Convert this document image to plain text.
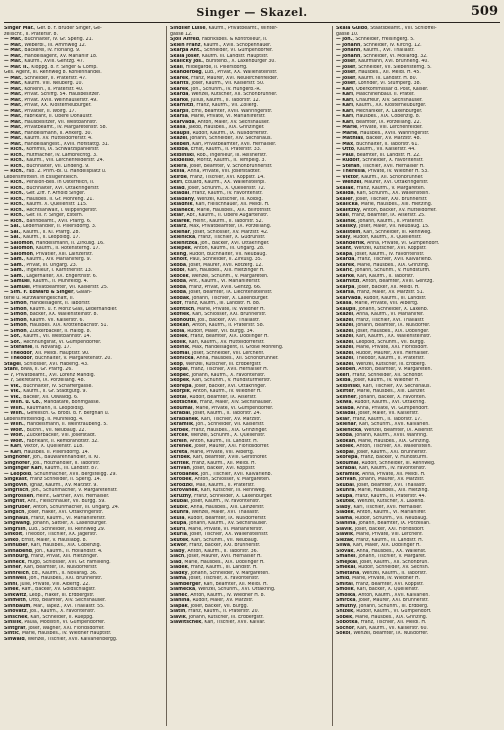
Singer — Skazel.	509
Singer Mar., Gef. b. F. Brüder Singer, Ge-
zellschf., II. Pratersir. 8.
— Mar., Buchhalter, IV. Gr. Sperlg. 21.
— Mar., Weberbl., III. Arnmweg 12.
— Mar., Bäckerei, IV. Floriang. 9.
— Mar., Handelsagent, XV. Mariahilf 18.
— Mar., Kaufm., XVIII. Gentzg. 47.
— Mar. II., Kloppg. 8. F. Singer & Comp.
Ges. Agent, III. Rennweg 8. Kohlenhandel.
— Mar., Schneider, II. Praterstr. 47.
— Mar., Kaufm. VIII. Neuberg. 10.
— Mar., Kohlenh., II. Praterstr. 40.
— Mar., Privat. Schiffg. 54. Hausbesitzer.
— Mar., Privat. XVIII. Weinhauserstr. 49.
— Mar., Privat, XX. Klosterneuburger.
— Mar., Privatier, II. Wolfg. 17.
— Mar., Fabrikant, II. Obere Donaustr.
— Mar., Hausbesitzer, VII. Westbahnstr.
— Mar., Privatbeamt., IV. Margaretenstr. 58.
— Mar., Handelsmann, II. Ankerg. 30.
— Mar., Kaufm. XV. Hütteldorferstr. 4.
— Mar., Handelsangest., XVIII. Hofstattg. 31.
— Rich., Kommis, IX. Schwarzspanierstr.
— Rich., Hutmacher, IV. Lambrechtg. 3.
— Rich., Kaufm., VIII. Lerchenfelderstr. 24.
— Rich., Buchhalter, VII. Lindeng. 9.
— Rich., Fab. 2. Prim.-Bl. u. Handelsplatz u.
Lebensmittelh. in Essigentleich.
— Rich., Pension-Bes. in Osterreich, II.
— Rich., Buchhalter, XVI. Ottakringerstr.
— Rich., Gef. Ziff. F. Arnold Singer.
— Rich., Hausbes. II. Gr. Mohreng. 21.
— Rich., Kaufm. X. Quellenstr. 115.
— Rich., Rechtsanwalt, I. Wipplingerstr.
— Rich., Gef. III. F. Singer, Esterh.
— Rich., Bahnbeamt., XVII. Pfarrg. 6.
— Sal., Lederhändler, II. Pillersdorfg. 3.
— Sal., Kaufm., II. Kl. Pfarrg. 28.
— Sal., Kaufm., II. Leopoldg. 17.
— Salomon, Handelsmann, II. Zirkusg. 16.
— Salomon, Kaufm., II. Rotensterng. 17.
— Salomon, Privatier, XIII. Lainzerstr.
— Sam., Kaufm., XIV. Mariahilferg. 9.
— Sam., Privat, III. Ungarg. 23.
— Sam., Ingenieur, I. Kärntnerstr. 13.
— Sam., Lagerhalter, XX. Engerthstr. 6.
— Samuel, Kaufm., II. Mühlfeldg. 4.
— Samuel, Privatbeamter, VII. Kaiserstr. 25.
— Sim. F. Edward & Singer, Galan-
terie u. Rurzwarengeschäft, II.
— Simon, Handelsagent, II. Taborstr.
— Simon, Kaufm. u. F. Moriz Glas, Lederhändler.
— Simon, Bäcker, XX. Wallensteinstr. 8.
— Simon, Kaufm. VII. Kaiserstr. 6.
— Simon, Hausbes. XIX. Krottenbachstr. 51.
— Simon, Zuckerbäcker, II. Haidg. 8.
— Sof., Kaufm., VII. Westbahnstr. 14.
— Sof., Rechnungsrat, VI. Gumpendorfer.
— Stefanie, II. Novarag. 17.
— Theodor, XII. Meidl. Hauptstr. 90.
— Theodor, Buchhalter, V. Margaretenstr. 20.
Stagel, Schlosser, XVI. Haberlg. 43.
Stahl, Biwa, II. Gr. Pfarrg. 26.
— ?, Privatbeamt., XVI. Lorenz Mandlg.
— ?, Sekretärin, IX. Porzellang. 48.
— Vik., Buchhalter, IV. Schäffergasse.
— Vik., Kaufm., II. Gr. Stadtgutg. 9.
— Vik., Bäcker, XII. Oswaldg. 6.
— Wilh. u. Co., Mandatare, Böhmgasse.
— Wilh., Kaufmann, II. Leopoldsg.
— Wilh., Gefellsch. G. Brodl. d. F. Berghan u.
Lebensmittelhdlg. II. Mühlfeldg. 4.
— Wilh., Handelsmann, II. Weintraubeng. 5.
— Wolf., Buchh., VII. Neubaug. 22.
— Wolf., Zuckerbäcker, VIII. Josefstadt.
— Wolf., Fabrikant, II. Rembrandtstr. 32.
— Karl, Viktor, X. Quellenstr. 118.
— Karl, Hausbes. II. Pillersdorfg. 14.
Singhofer, Joh., Bauwarenhändler, II. Kl.
Singhofer, Jos., Holzhändler, II. Taborstr.
Singinger Karl, Kaufm., III. Landstr. 87.
— Leopold, Schuhmacher, XVII. Bergsteigg. 29.
Singkast, Franz Schneider, II. Sperlg. 14.
Singovin, Ignaz, Kaufm., XV. Märzstr. 9.
Singrisch, Joh., Schuhmacher, V. Margaretenstr.
Singrossen, Heinr., Gärtner, XVII. Hernalser.
Singrist, Ant., Fleischhauer, VII. Burgg. 59.
Singruber, Anton, Schuhmacher, III. Ungarg. 24.
Singsch, Josef, Fiaker, XVI. Ottakringerstr.
Singhaus, Franz, Kaufm., VI. Mariahilferstr.
Singwang, Johann, Sattler, X. Laxenburger.
Singrsin, Lud., Schneider, III. Rennweg 29.
Sinkolt, Theodor, Tischler, XX. Jägerstr.
Sinko, Ernst, Maler, V. Hauslabg. 8.
Sinhuber, Karl, Hausbes., XIX. Cobenzlg.
Sinnabend, Joh., Kaufm., II. Hollandstr. 4.
Sinnburg, Franz, Privat, XIII. Hietzinger.
Sinneck, Hugo, Schlosser, XVI. Gr. Familieng.
Sinner, Karl, Beamter, IX. Nußdorferstr.
Sinnreich, Ed., Kaufm., II. Novarag. 36.
Sinnwell, Joh., Hausbes., XXI. Brünnerstr.
Sinnl, Julie, Private, VIII. Albertg. 22.
Sinek, Raff., Bäcker, XV. Goldschlagstr.
Sinkwitz, Leop., Fiaker, III. Erdbergstr.
Sinmeth, Otto, Beamter, XIV. Sechshauser.
Sinnbaum, Mar., Tapez., XVI. Thaliastr. 55.
Sinovatz, Jos., Kaufm., X. Favoritenstr.
Sinschek, Karl, Schneider, II. Rueppg.
Sinslik, Paula, Modistin, VI. Gumpendorfer.
Sintgraf, Josef, Wagner, XXI. Floridsdorfer.
Sintic, Marie, Hausbes., IV. Wiedner Hauptstr.
Sinwald, Wenzel, Tischler, XVII. Kalvarienbergg.
Sindlief Luise, Kaufm., Privatbeamt., Winter-
gasse 12.
Sjoll Alfred, Fabriksbes. & Kontrolleur, II.
Sklen Franz, Kaufm., XVIII. Schopenhauer.
Skarpa Ant., Schneider, VI. Gumpendorfer.
Skala Josef, Kaufm. III. Landstr. Hauptstr.
Skalicky Jos., Bürstenb., X. Laxenburger 30.
Skall, Hildegarde, II. Pillersdorfg.
Skanderbeg, Lud., Privat, XX. Wallensteinstr.
Skarek, Franz, Maurer, XVI. Neulerchenfelder.
Skarits, Josef, Kaufm., VII. Kaiserstr. 50.
Skarek, Joh., Schuhm., IV. Hungerb.-R.
Skarda, Wenzel, Kutscher, XII. Schönbrunner.
Skarke, Julius, Kaufm., II. Taborstr. 12.
Skarnitzl, Franz, Kaufm., VII. Zollerg.
Skarpil, Emil, Beamter, XVIII. Währingerstr.
Skarsa, Marie, Private, VI. Mariahilferstr.
Skarvada, Anton, Maler, XV. Sechshauser.
Skasa, Jakob, Hausbes., XIX. Grinzinger.
Skaupil, Rudolf, Kaufm., IX. Nußdorferstr.
Skazel, Johann, Schneider, XIV. Sechshaus.
Skeben, Karl, Privatbeamter, XVII. Hernalser.
Skibba, Ernst, Kaufm., II. Praterstr. 33.
Skibinski, Rob., Ingenieur, III. Reisnerstr.
Skidelski, Moritz, Kaufm., II. Tempelg. 3.
Skiera, Josef, Beamter, V. Schönbrunnerstr.
Skilla, Anna, Private, VIII. Josefstädter.
Skirde, Franz, Tischler, XVI. Koppstr. 14.
Skirl, Eduard, Kaufm., XX. Wallensteinpl.
Sklad, Josef, Schuhm., X. Quellenstr. 72.
Skladal, Franz, Kaufm., IV. Favoritenstr.
Skladany, Wenzel, Kutscher, III. Kölblg.
Skladnik, Karl, Fleischhauer, XII. Meidl. H.
Sklaneck, Marie, Hausbes., XIX. Billrothstr.
Sklar, Abr., Kaufm., II. Obere Augartenstr.
Sklarek, Heinr., Kaufm., II. Taborstr. 52.
Sklarz, Max, Privatbeamter, IX. Porzellang.
Sklenar, Josef, Schlosser, XV. Märzstr. 42.
Sklenicka, Franz, Tischler, X. Gudrunstr.
Sklenitzka, Joh., Bäcker, XVI. Ottakringer.
Sklepek, Anton, Kaufm., III. Ungarg. 28.
Skling, Rudolf, Buchhalter, VII. Neubaug.
Sknolt, Paul, Schneider, II. Zirkusg. 35.
Skoba, Josef, Maurer, XVII. Rötzerg. 12.
Skobl, Karl, Hausbes., XIII. Hietzinger H.
Skocek, Wenzel, Schuhm., V. Margareten.
Skoda, Ant., Kaufm., VI. Mariahilferstr.
Skoda, Franz, Privat, XVIII. Gentzg. 66.
Skoda, Josef, Beamter, IX. Liechtensteinstr.
Skodak, Johann, Tischler, X. Laxenburger.
Skof, Franz, Kaufm., III. Landstr. H. 88.
Skofitsch, Marie, Private, IV. Wiedner H.
Skoflek, Karl, Schlosser, XXI. Brünnerstr.
Skohoutil, Jos., Bäcker, XVI. Thaliastr.
Skokan, Anton, Kaufm., II. Praterstr. 58.
Skola, Rudolf, Maler, VII. Burgg. 34.
Skolek, Franz, Beamter, XIX. Döblinger H.
Skolik, Karl, Kaufm., XV. Hütteldorferstr.
Skolnik, Max, Handelsagent, II. Große Mohreng.
Skomal, Josef, Schneider, VIII. Lerchenf.
Skonicka, Anna, Hausbes., XII. Schönbrunner.
Skop, Wenzel, Kutscher, III. Erdbergstr.
Skopal, Franz, Tischler, XVII. Hernalser H.
Skopec, Johann, Kaufm., X. Favoritenstr.
Skopek, Karl, Schuhm., V. Hundsturmerstr.
Skorepa, Josef, Bäcker, XVI. Ottakringer.
Skorpik, Anton, Kaufm., IV. Wiedner H.
Skotal, Rudolf, Beamter, IX. Alserstr.
Skotschke, Franz, Maler, XIV. Sechshauser.
Skoumal, Marie, Private, VI. Gumpendorfer.
Skrabal, Josef, Kaufm., II. Taborstr. 24.
Skrabanek, Karl, Tischler, XV. Märzstr.
Skramlik, Joh., Schneider, VII. Kaiserstr.
Skrbek, Franz, Hausbes., XIX. Grinzinger.
Skrcek, Wenzel, Schuhm., X. Quellenstr.
Skrein, Anton, Kaufm., III. Landstr. H.
Skrenek, Josef, Maurer, XXI. Floridsdorfer.
Skreta, Marie, Private, VIII. Albertg.
Skribek, Karl, Beamter, XVIII. Gersthofer.
Skritek, Franz, Kaufm., XII. Meidl. H.
Skrivan, Josef, Bäcker, XVI. Koppstr.
Skrobanek, Joh., Tischler, XVII. Kalvarienb.
Skrobek, Anton, Schlosser, V. Margareten.
Skrodzki, Max, Kaufm., II. Praterstr.
Skrovanek, Karl, Kutscher, III. Rennweg.
Skruzny, Franz, Schneider, X. Laxenburger.
Skubal, Josef, Kaufm., IV. Favoritenstr.
Skubic, Anna, Hausbes., XIII. Lainzerstr.
Skuhra, Wenzel, Maler, XVI. Thaliastr.
Skula, Rudolf, Beamter, IX. Nußdorferstr.
Skupa, Johann, Kaufm., XV. Sechshauser.
Skuril, Marie, Private, VI. Mariahilferstr.
Skurla, Josef, Tischler, XX. Wallensteinstr.
Skutek, Karl, Schuhm., VII. Neubaug.
Skwor, Franz, Bäcker, XXI. Brünnerstr.
Slaby, Anton, Kaufm., II. Taborstr. 36.
Slach, Josef, Maurer, XVII. Hernalser H.
Slad, Marie, Hausbes., XIX. Döblinger H.
Sladek, Franz, Kaufm., III. Landstr. H.
Sladky, Johann, Schneider, V. Margareten.
Slama, Josef, Tischler, X. Favoritenstr.
Slamberger, Karl, Beamter, XII. Meidl. H.
Slamecka, Wenzel, Schuhm., XVI. Ottakring.
Slanec, Anton, Kaufm., IV. Wiedner H. 8.
Slanina, Rudolf, Maler, XV. Märzstr.
Slapak, Josef, Bäcker, VII. Burgg.
Slatin, Franz, Kaufm., II. Praterstr. 20.
Slavik, Johann, Kutscher, III. Erdbergstr.
Slawitschek, Karl, Tischler, XVII. Kalvar.
Skala Guido, Staatsbeamt., VIII. Schlöffel-
gasse 10.
— Joh., Schneider, Freisingerg. 5.
— Johann, Schneider, IV. Kirchg. 12.
— Johann, Kaufm., XVI. Thaliastr.
— Johann, Schneider, VI. Mollardg. 32.
— Josef, Kaufmann, XVI. Brunneng. 40.
— Josef, Schneider, VII. Siebensterng. 5.
— Josef, Hausbes., XII. Meidl. H. 45.
— Josef, Kaufm. III. Landstr. H. 80.
— Josef, Lohnder, VI. Stumperg. 38.
— Karl, Oberkommissär d. Post, Kaiser.
— Karl, Maschinenbaul. II. Prater.
— Karl, Chauffeur, XIV. Sechshauser.
— Karl, Kaufm., XX. Klosterneuburger.
— Karl, Mechaniker, X. Laxenburger.
— Karl, Hausbes., XIX. Cobenzlg. 8.
— Karl, Beamter, IX. Porzellang. 22.
— Marie, Private, VIII. Lerchenfelder.
— Marie, Hausbes., XVIII. Währingerstr.
— Mathias, Bäcker, XV. Märzstr. 48.
— Max, Buchhalter, II. Taborstr. 61.
— Otto, Kaufm., VII. Kaiserstr. 44.
— Paul, Beamter, III. Landstr. H. 22.
— Rudolf, Schneider, X. Favoritenstr.
— Stefan, Tischler, XVII. Hernalser H.
— Theresia, Private, IV. Wiedner H. 53.
— Viktor, Kaufm., XII. Schönbrunner.
— Wenzel, Maurer, XVI. Ottakringerstr.
Skalak, Franz, Kaufm., V. Margareten.
Skalda, Karl, Schuhm., XX. Wallenstein.
Skaler, Josef, Tischler, XXI. Brünnerstr.
Skalicka, Marie, Hausbes., XIII. Hietzing.
Skalitzky, Anton, Bäcker, XV. Hütteldorfer.
Skall, Franz, Beamter, IX. Alserstr. 25.
Skalnik, Johann, Kaufm., II. Praterstr.
Skalsky, Josef, Maler, VII. Neubaug. 15.
Skalstein, Karl, Schneider, III. Rennweg.
Skaly, Rudolf, Kaufm., X. Quellenstr.
Skanderlik, Anna, Private, VI. Gumpendorf.
Skant, Wenzel, Kutscher, XVI. Koppstr.
Skapa, Josef, Kaufm., IV. Favoritenstr.
Skarda, Franz, Tischler, XVII. Kalvarienb.
Skarek, Marie, Hausbes., XIX. Grinzing.
Skaric, Johann, Schuhm., V. Hundsturm.
Skarke, Karl, Kaufm., II. Taborstr.
Skarnitzl, Anton, Beamter, XVIII. Gentzg.
Skarpa, Josef, Bäcker, XII. Meidl. H.
Skarsa, Franz, Maler, XV. Märzstr. 51.
Skarvada, Rudolf, Kaufm., III. Landstr.
Skasa, Marie, Private, VIII. Albertg.
Skaupil, Johann, Schneider, X. Laxenb.
Skazel, Anna, Kaufm., VI. Mariahilfer.
Skazel, Franz, Tischler, XVI. Thaliastr.
Skazel, Johann, Beamter, IX. Nußdorfer.
Skazel, Josef, Hausbes., XIX. Döblinger.
Skazel, Karl, Kaufm., XX. Wallensteinstr.
Skazel, Leopold, Schuhm., VII. Burgg.
Skazel, Marie, Private, XXI. Floridsdorf.
Skazel, Rudolf, Maurer, XVII. Hernalser.
Skazel, Theodor, Kaufm., II. Praterstr.
Skazel, Wenzel, Kutscher, III. Erdberg.
Skeben, Anton, Beamter, V. Margareten.
Skerl, Franz, Schneider, XII. Schönbr.
Skiba, Josef, Kaufm., IV. Wiedner H.
Skibinski, Karl, Tischler, XV. Sechshaus.
Skifter, Marie, Hausbes., XIII. Lainzer.
Skinner, Johann, Bäcker, X. Favoriten.
Skiwa, Rudolf, Kaufm., XVI. Ottakring.
Sklaba, Anna, Private, VI. Gumpendorf.
Skladal, Josef, Maler, VII. Kaiserstr.
Sklar, Franz, Kaufm., II. Taborstr. 17.
Sklenar, Karl, Schuhm., XVII. Kalvarien.
Sklenicka, Wenzel, Beamter, IX. Alserstr.
Skoda, Johann, Kaufm., XVIII. Währing.
Skokan, Marie, Hausbes., XIX. Grinzing.
Skolek, Anton, Tischler, XX. Wallenstein.
Skopal, Josef, Kaufm., XXI. Brünnerstr.
Skorepa, Franz, Bäcker, V. Hundsturm.
Skoumal, Rudolf, Schneider, III. Rennweg.
Skrabal, Karl, Kaufm., IV. Favoritenstr.
Skramlik, Anna, Private, XII. Meidl. H.
Skrivan, Johann, Maurer, XV. Märzstr.
Skubal, Josef, Beamter, XVI. Thaliastr.
Skuhra, Marie, Hausbes., XIII. Hietzing.
Skupa, Franz, Kaufm., II. Praterstr. 44.
Skutek, Wenzel, Kutscher, X. Laxenb.
Slaby, Karl, Tischler, XVII. Hernalser.
Sladek, Anton, Kaufm., VI. Mariahilfer.
Slama, Rudolf, Schuhm., VII. Neubaug.
Slanina, Johann, Beamter, IX. Porzellan.
Slavik, Josef, Bäcker, XXI. Floridsdorf.
Slawik, Marie, Private, VIII. Lerchenf.
Slezak, Franz, Kaufm., III. Landstr. H.
Sliwa, Karl, Maler, XIX. Döblinger H.
Slovak, Anna, Hausbes., XX. Wallenst.
Smahel, Johann, Tischler, V. Margaret.
Smejkal, Josef, Kaufm., XII. Schönbrun.
Smekal, Rudolf, Schneider, XV. Sechsh.
Smetana, Wenzel, Kaufm., II. Taborstr.
Smid, Marie, Private, IV. Wiedner H.
Smital, Franz, Beamter, XVI. Koppstr.
Smolik, Karl, Bäcker, X. Quellenstr.
Smolka, Anton, Kaufm., XVII. Kalvarien.
Smrcka, Josef, Maurer, XXI. Brünnerstr.
Smutny, Johann, Schuhm., III. Erdberg.
Snizek, Rudolf, Kaufm., VI. Gumpendorf.
Sobek, Marie, Hausbes., XIX. Grinzing.
Sobotka, Franz, Tischler, XII. Meidl. H.
Sochor, Karl, Kaufm., VII. Kaiserstr. 60.
Sokol, Wenzel, Beamter, IX. Nußdorfer.
